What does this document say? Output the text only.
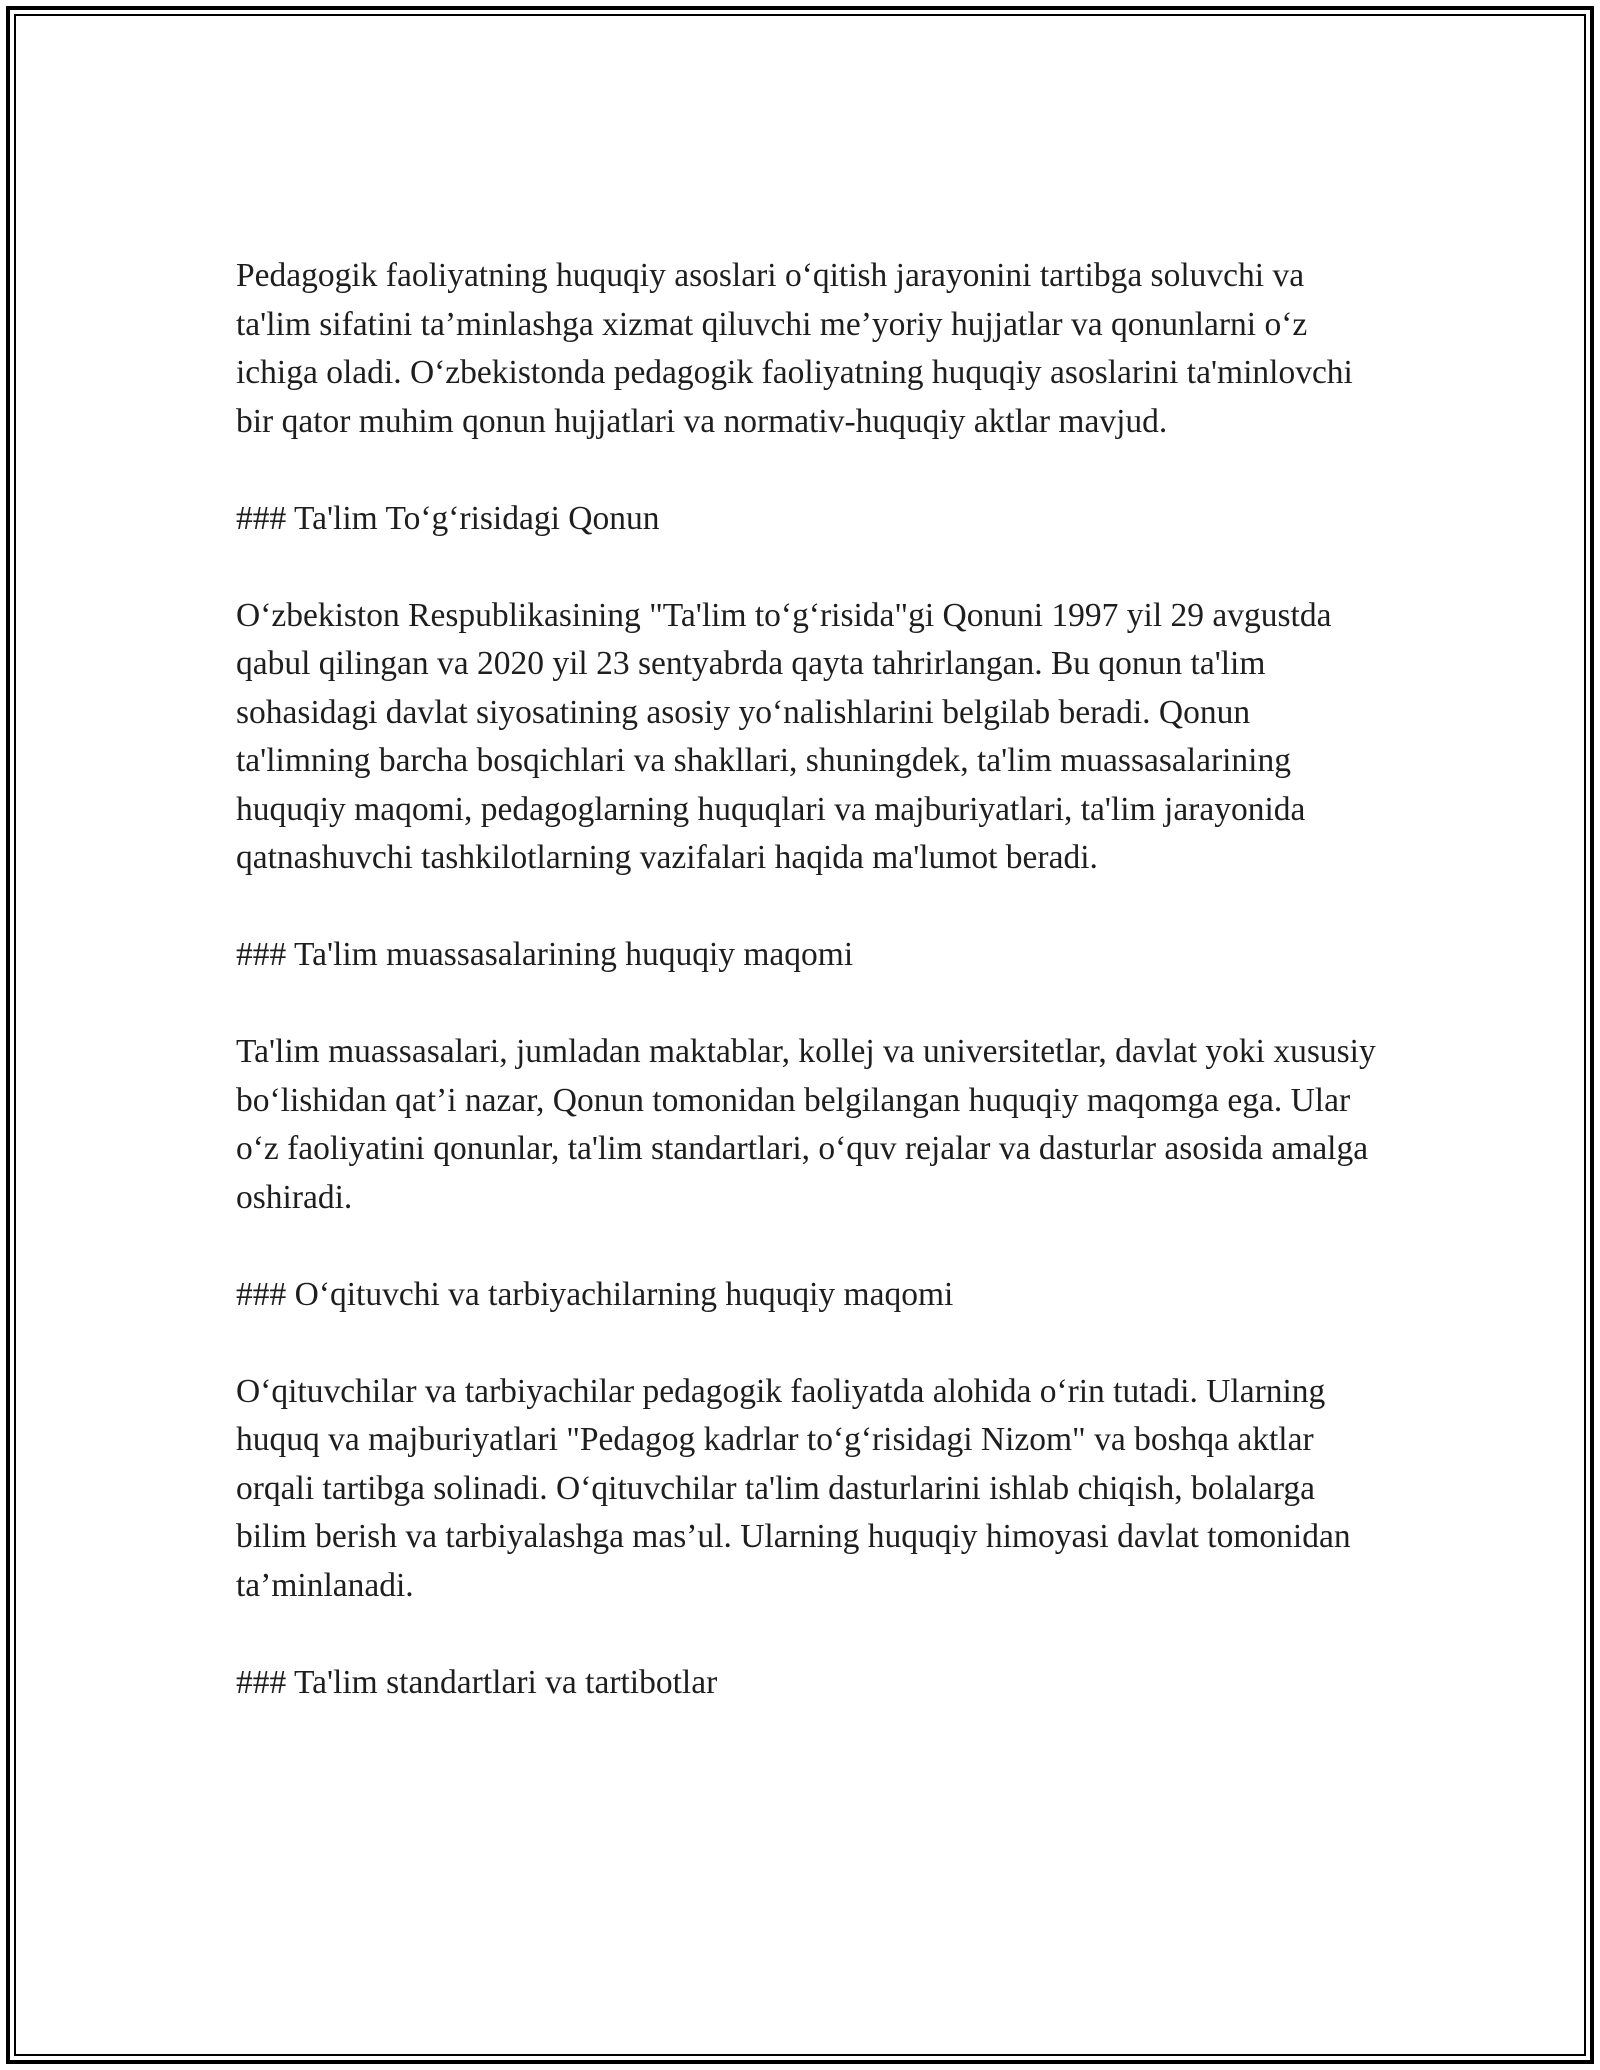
Pedagogik faoliyatning huquqiy asoslari o‘qitish jarayonini tartibga soluvchi va ta'lim sifatini ta’minlashga xizmat qiluvchi me’yoriy hujjatlar va qonunlarni o‘z ichiga oladi. O‘zbekistonda pedagogik faoliyatning huquqiy asoslarini ta'minlovchi bir qator muhim qonun hujjatlari va normativ-huquqiy aktlar mavjud.

### Ta'lim To‘g‘risidagi Qonun

O‘zbekiston Respublikasining "Ta'lim to‘g‘risida"gi Qonuni 1997 yil 29 avgustda qabul qilingan va 2020 yil 23 sentyabrda qayta tahrirlangan. Bu qonun ta'lim sohasidagi davlat siyosatining asosiy yo‘nalishlarini belgilab beradi. Qonun ta'limning barcha bosqichlari va shakllari, shuningdek, ta'lim muassasalarining huquqiy maqomi, pedagoglarning huquqlari va majburiyatlari, ta'lim jarayonida qatnashuvchi tashkilotlarning vazifalari haqida ma'lumot beradi.

### Ta'lim muassasalarining huquqiy maqomi

Ta'lim muassasalari, jumladan maktablar, kollej va universitetlar, davlat yoki xususiy bo‘lishidan qat’i nazar, Qonun tomonidan belgilangan huquqiy maqomga ega. Ular o‘z faoliyatini qonunlar, ta'lim standartlari, o‘quv rejalar va dasturlar asosida amalga oshiradi.

### O‘qituvchi va tarbiyachilarning huquqiy maqomi

O‘qituvchilar va tarbiyachilar pedagogik faoliyatda alohida o‘rin tutadi. Ularning huquq va majburiyatlari "Pedagog kadrlar to‘g‘risidagi Nizom" va boshqa aktlar orqali tartibga solinadi. O‘qituvchilar ta'lim dasturlarini ishlab chiqish, bolalarga bilim berish va tarbiyalashga mas’ul. Ularning huquqiy himoyasi davlat tomonidan ta’minlanadi.

### Ta'lim standartlari va tartibotlar
